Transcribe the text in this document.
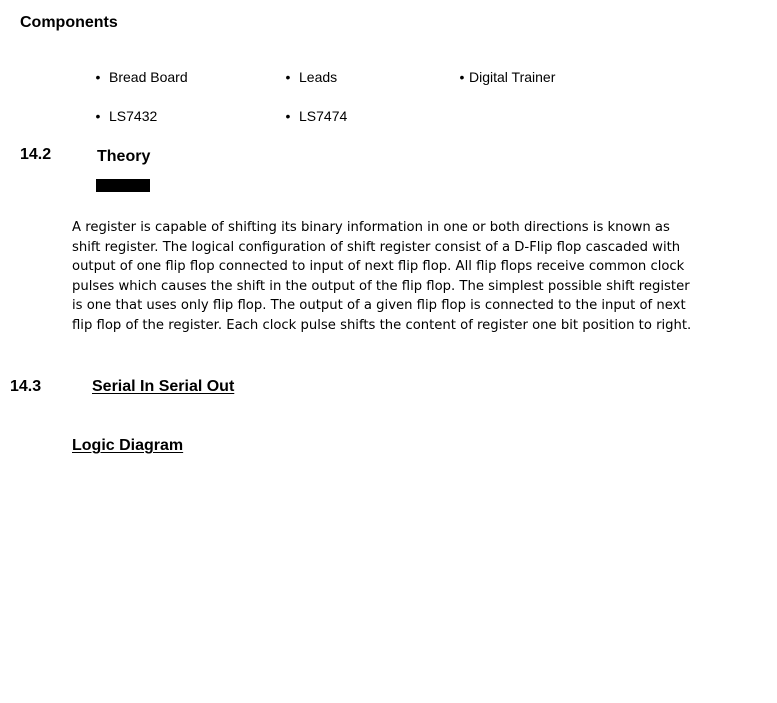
Components
• Bread Board	• Leads	• Digital Trainer
• LS7432	• LS7474
14.2	Theory
A register is capable of shifting its binary information in one or both directions is known as shift register. The logical configuration of shift register consist of a D-Flip flop cascaded with output of one flip flop connected to input of next flip flop. All flip flops receive common clock pulses which causes the shift in the output of the flip flop. The simplest possible shift register is one that uses only flip flop. The output of a given flip flop is connected to the input of next flip flop of the register. Each clock pulse shifts the content of register one bit position to right.
14.3	Serial In Serial Out
Logic Diagram
